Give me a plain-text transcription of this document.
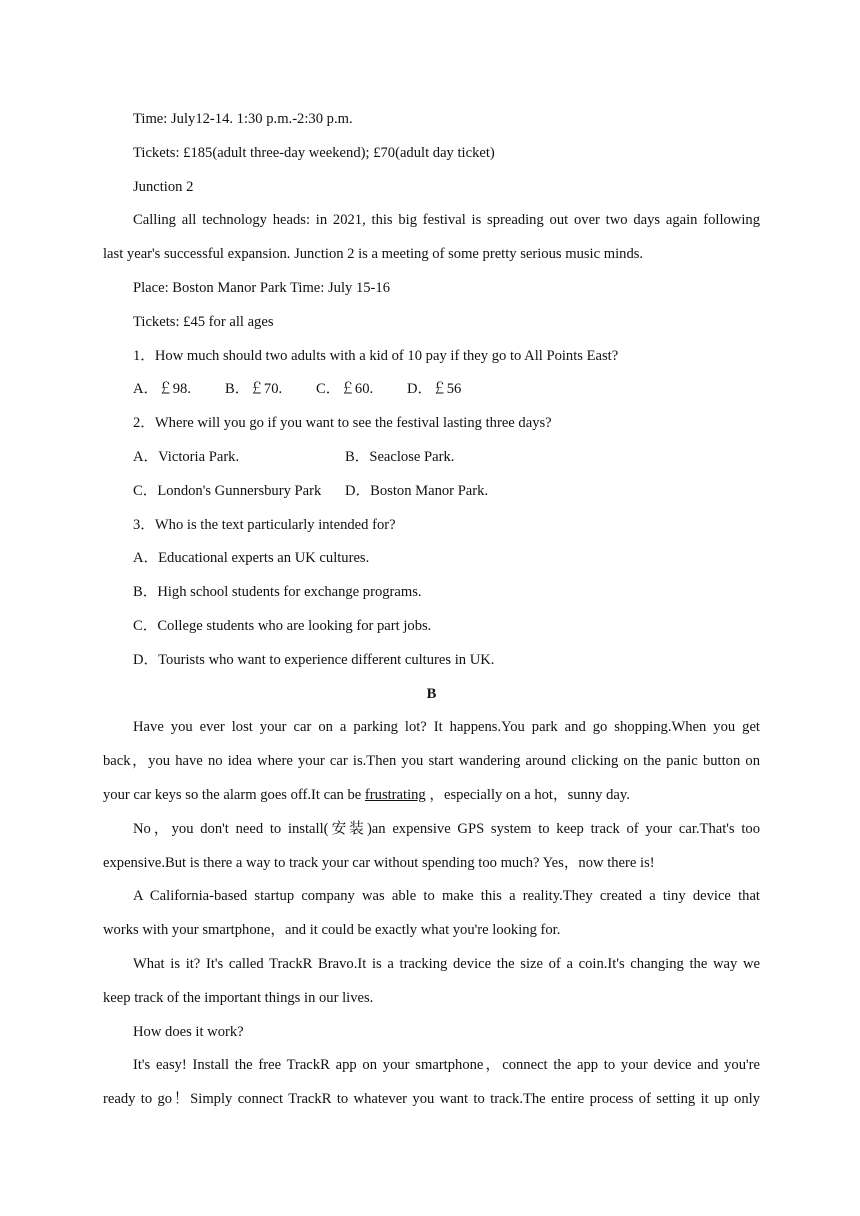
Time: July12-14. 1:30 p.m.-2:30 p.m.
Tickets: £185(adult three-day weekend); £70(adult day ticket)
Junction 2
Calling all technology heads: in 2021, this big festival is spreading out over two days again following
last year's successful expansion. Junction 2 is a meeting of some pretty serious music minds.
Place: Boston Manor Park Time: July 15-16
Tickets: £45 for all ages
1．How much should two adults with a kid of 10 pay if they go to All Points East?
A．￡98. B．￡70. C．￡60. D．￡56
2．Where will you go if you want to see the festival lasting three days?
A．Victoria Park.	B．Seaclose Park.
C．London's Gunnersbury Park D．Boston Manor Park.
3．Who is the text particularly intended for?
A．Educational experts an UK cultures.
B．High school students for exchange programs.
C．College students who are looking for part jobs.
D．Tourists who want to experience different cultures in UK.
B
Have you ever lost your car on a parking lot? It happens.You park and go shopping.When you get
back，you have no idea where your car is.Then you start wandering around clicking on the panic button on
your car keys so the alarm goes off.It can be frustrating ，especially on a hot，sunny day.
No，you don't need to install(安装)an expensive GPS system to keep track of your car.That's too
expensive.But is there a way to track your car without spending too much? Yes，now there is!
A California-based startup company was able to make this a reality.They created a tiny device that
works with your smartphone，and it could be exactly what you're looking for.
What is it? It's called TrackR Bravo.It is a tracking device the size of a coin.It's changing the way we
keep track of the important things in our lives.
How does it work?
It's easy! Install the free TrackR app on your smartphone，connect the app to your device and you're
ready to go！Simply connect TrackR to whatever you want to track.The entire process of setting it up only
